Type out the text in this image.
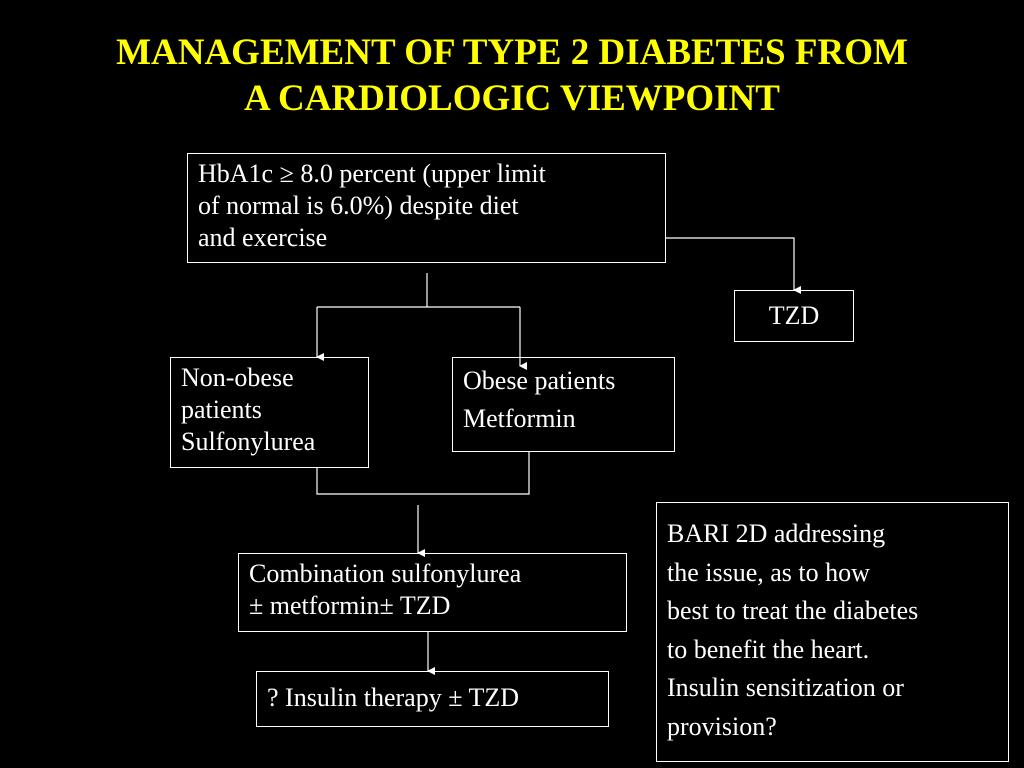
MANAGEMENT OF TYPE 2 DIABETES FROM
A CARDIOLOGIC VIEWPOINT
HbA1c ≥ 8.0 percent (upper limit
of normal is 6.0%) despite diet
and exercise
TZD
Non-obese
patients
Sulfonylurea
Obese patients
Metformin
Combination sulfonylurea
± metformin± TZD
? Insulin therapy ± TZD
BARI 2D addressing
the issue, as to how
best to treat the diabetes
to benefit the heart.
Insulin sensitization or
provision?
